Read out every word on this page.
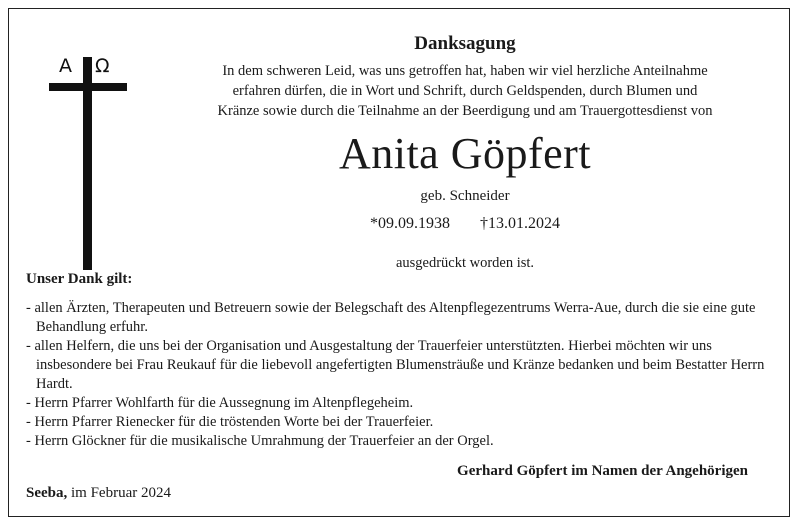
A Ω
Danksagung
In dem schweren Leid, was uns getroffen hat, haben wir viel herzliche Anteilnahme
erfahren dürfen, die in Wort und Schrift, durch Geldspenden, durch Blumen und
Kränze sowie durch die Teilnahme an der Beerdigung und am Trauergottesdienst von
Anita Göpfert
geb. Schneider
*09.09.1938 †13.01.2024
ausgedrückt worden ist.
Unser Dank gilt:
- allen Ärzten, Therapeuten und Betreuern sowie der Belegschaft des Altenpflegezentrums Werra-Aue, durch die sie eine gute Behandlung erfuhr.
- allen Helfern, die uns bei der Organisation und Ausgestaltung der Trauerfeier unterstützten. Hierbei möchten wir uns insbesondere bei Frau Reukauf für die liebevoll angefertigten Blumensträuße und Kränze bedanken und beim Bestatter Herrn Hardt.
- Herrn Pfarrer Wohlfarth für die Aussegnung im Altenpflegeheim.
- Herrn Pfarrer Rienecker für die tröstenden Worte bei der Trauerfeier.
- Herrn Glöckner für die musikalische Umrahmung der Trauerfeier an der Orgel.
Gerhard Göpfert im Namen der Angehörigen
Seeba, im Februar 2024
